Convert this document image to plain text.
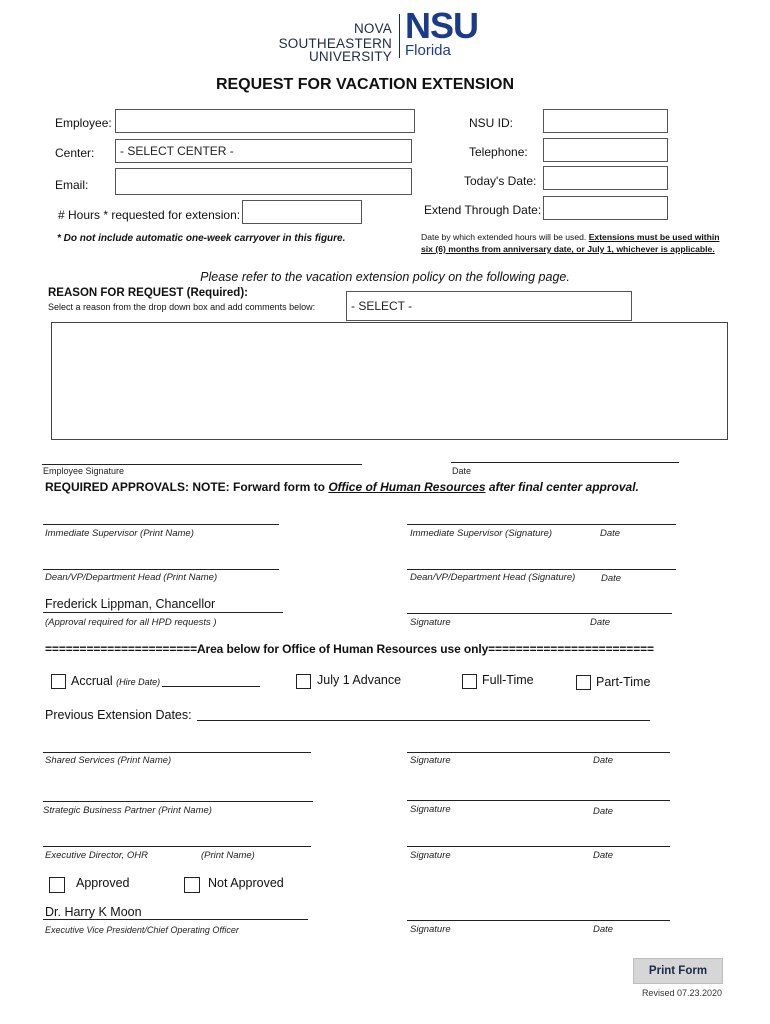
NOVA SOUTHEASTERN
UNIVERSITY
NSU
Florida
REQUEST FOR VACATION EXTENSION
Employee:	NSU ID:
Center:	- SELECT CENTER -	Telephone:
Email:	Today's Date:
# Hours * requested for extension:	Extend Through Date:
* Do not include automatic one-week carryover in this figure.	Date by which extended hours will be used. Extensions must be used within six (6) months from anniversary date, or July 1, whichever is applicable.
Please refer to the vacation extension policy on the following page.
REASON FOR REQUEST (Required):
Select a reason from the drop down box and add comments below:	- SELECT -
Employee Signature	Date
REQUIRED APPROVALS: NOTE: Forward form to Office of Human Resources after final center approval.
Immediate Supervisor (Print Name)	Immediate Supervisor (Signature)	Date
Dean/VP/Department Head (Print Name)	Dean/VP/Department Head (Signature)	Date
Frederick Lippman, Chancellor
(Approval required for all HPD requests )	Signature	Date
======================Area below for Office of Human Resources use only========================
Accrual (Hire Date)	July 1 Advance	Full-Time	Part-Time
Previous Extension Dates:
Shared Services (Print Name)	Signature	Date
Strategic Business Partner (Print Name)	Signature	Date
Executive Director, OHR	(Print Name)	Signature	Date
Approved	Not Approved
Dr. Harry K Moon
Executive Vice President/Chief Operating Officer	Signature	Date
Print Form
Revised 07.23.2020
